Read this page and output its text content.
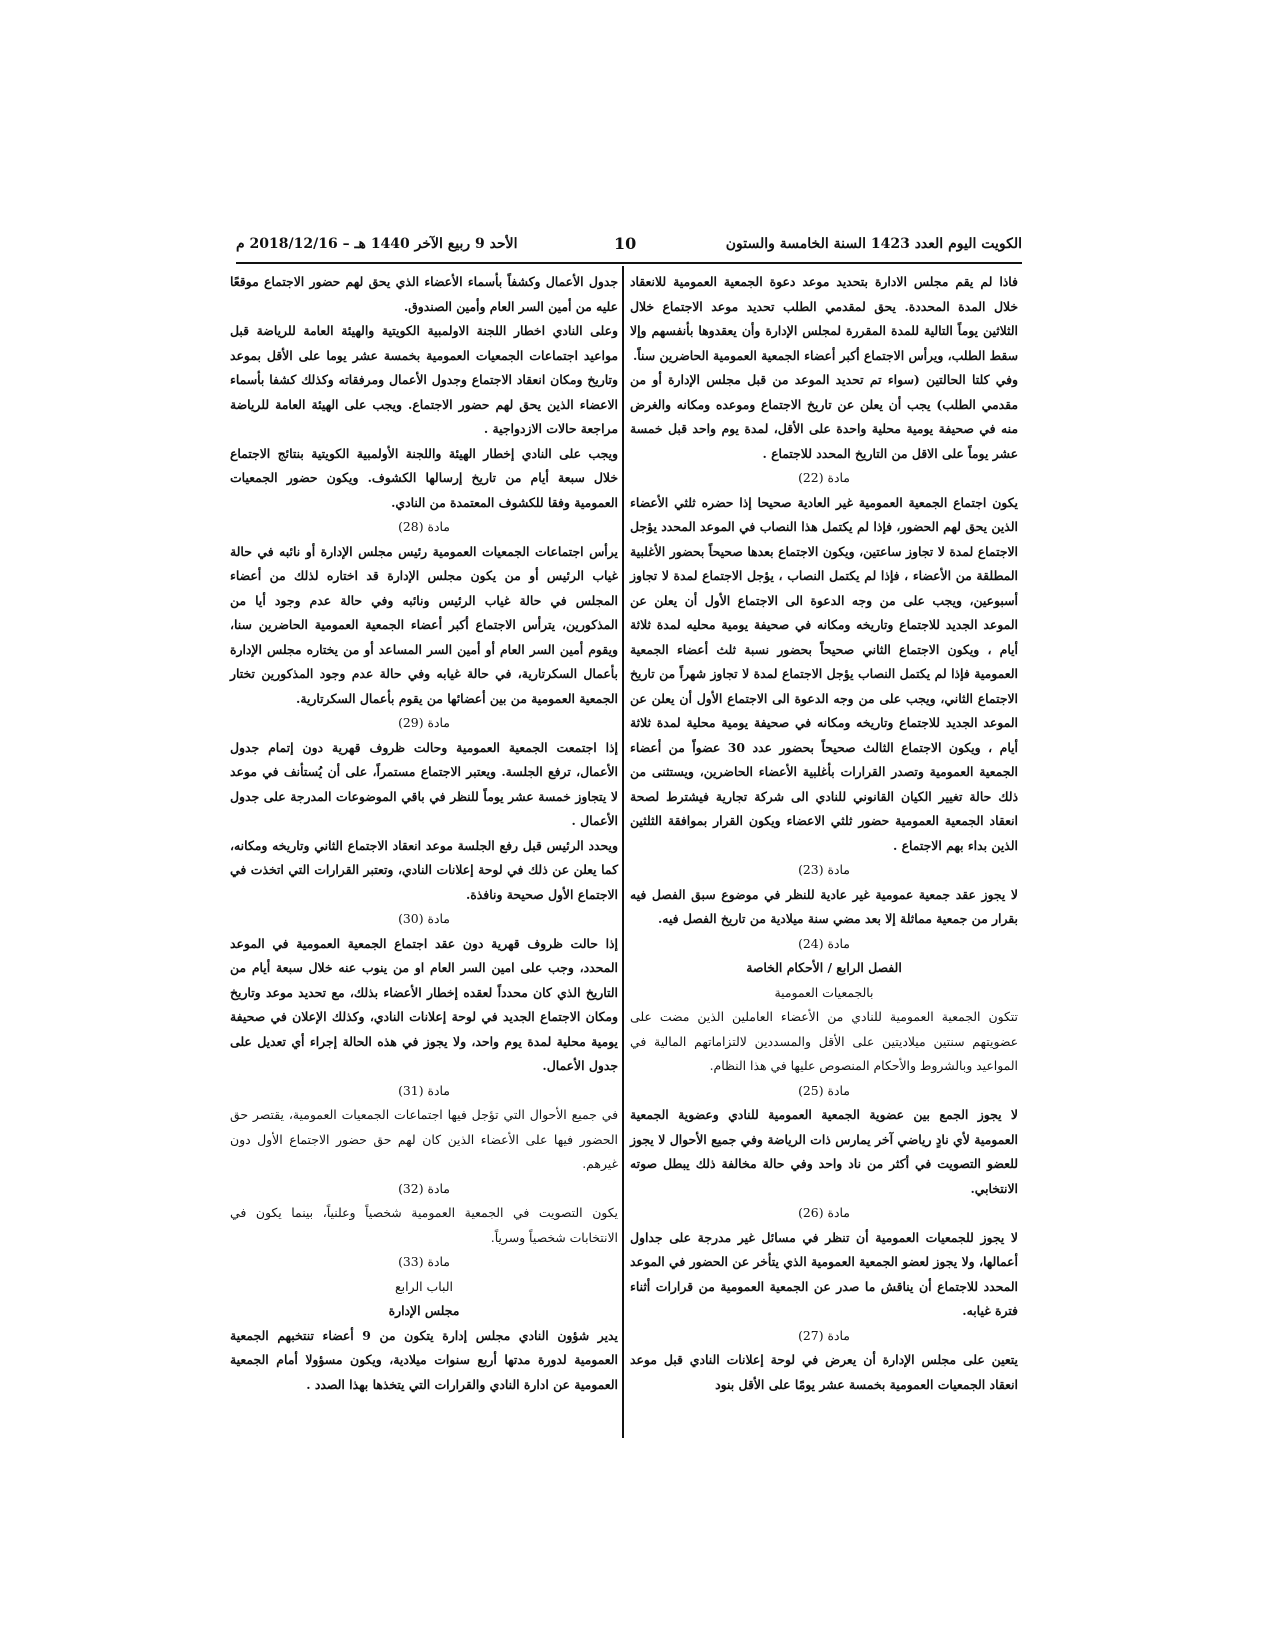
الكويت اليوم العدد 1423 السنة الخامسة والستون
10
الأحد 9 ربيع الآخر 1440 هـ – 2018/12/16 م

فاذا لم يقم مجلس الادارة بتحديد موعد دعوة الجمعية العمومية للانعقاد خلال المدة المحددة. يحق لمقدمي الطلب تحديد موعد الاجتماع خلال الثلاثين يوماً التالية للمدة المقررة لمجلس الإدارة وأن يعقدوها بأنفسهم وإلا سقط الطلب، ويرأس الاجتماع أكبر أعضاء الجمعية العمومية الحاضرين سناً.

وفي كلتا الحالتين (سواء تم تحديد الموعد من قبل مجلس الإدارة أو من مقدمي الطلب) يجب أن يعلن عن تاريخ الاجتماع وموعده ومكانه والغرض منه في صحيفة يومية محلية واحدة على الأقل، لمدة يوم واحد قبل خمسة عشر يوماً على الاقل من التاريخ المحدد للاجتماع .

مادة (22)

يكون اجتماع الجمعية العمومية غير العادية صحيحا إذا حضره ثلثي الأعضاء الذين يحق لهم الحضور، فإذا لم يكتمل هذا النصاب في الموعد المحدد يؤجل الاجتماع لمدة لا تجاوز ساعتين، ويكون الاجتماع بعدها صحيحاً بحضور الأغلبية المطلقة من الأعضاء ، فإذا لم يكتمل النصاب ، يؤجل الاجتماع لمدة لا تجاوز أسبوعين، ويجب على من وجه الدعوة الى الاجتماع الأول أن يعلن عن الموعد الجديد للاجتماع وتاريخه ومكانه في صحيفة يومية محليه لمدة ثلاثة أيام ، ويكون الاجتماع الثاني صحيحاً بحضور نسبة ثلث أعضاء الجمعية العمومية فإذا لم يكتمل النصاب يؤجل الاجتماع لمدة لا تجاوز شهراً من تاريخ الاجتماع الثاني، ويجب على من وجه الدعوة الى الاجتماع الأول أن يعلن عن الموعد الجديد للاجتماع وتاريخه ومكانه في صحيفة يومية محلية لمدة ثلاثة أيام ، ويكون الاجتماع الثالث صحيحاً بحضور عدد 30 عضواً من أعضاء الجمعية العمومية وتصدر القرارات بأغلبية الأعضاء الحاضرين، ويستثنى من ذلك حالة تغيير الكيان القانوني للنادي الى شركة تجارية فيشترط لصحة انعقاد الجمعية العمومية حضور ثلثي الاعضاء ويكون القرار بموافقة الثلثين الذين بداء بهم الاجتماع .

مادة (23)

لا يجوز عقد جمعية عمومية غير عادية للنظر في موضوع سبق الفصل فيه بقرار من جمعية مماثلة إلا بعد مضي سنة ميلادية من تاريخ الفصل فيه.

مادة (24)

الفصل الرابع / الأحكام الخاصة

بالجمعيات العمومية

تتكون الجمعية العمومية للنادي من الأعضاء العاملين الذين مضت على عضويتهم سنتين ميلاديتين على الأقل والمسددين لالتزاماتهم المالية في المواعيد وبالشروط والأحكام المنصوص عليها في هذا النظام.

مادة (25)

لا يجوز الجمع بين عضوية الجمعية العمومية للنادي وعضوية الجمعية العمومية لأي نادٍ رياضي آخر يمارس ذات الرياضة وفي جميع الأحوال لا يجوز للعضو التصويت في أكثر من ناد واحد وفي حالة مخالفة ذلك يبطل صوته الانتخابي.

مادة (26)

لا يجوز للجمعيات العمومية أن تنظر في مسائل غير مدرجة على جداول أعمالها، ولا يجوز لعضو الجمعية العمومية الذي يتأخر عن الحضور في الموعد المحدد للاجتماع أن يناقش ما صدر عن الجمعية العمومية من قرارات أثناء فترة غيابه.

مادة (27)

يتعين على مجلس الإدارة أن يعرض في لوحة إعلانات النادي قبل موعد انعقاد الجمعيات العمومية بخمسة عشر يومًا على الأقل بنود

جدول الأعمال وكشفاً بأسماء الأعضاء الذي يحق لهم حضور الاجتماع موقعًا عليه من أمين السر العام وأمين الصندوق.

وعلى النادي اخطار اللجنة الاولمبية الكويتية والهيئة العامة للرياضة قبل مواعيد اجتماعات الجمعيات العمومية بخمسة عشر يوما على الأقل بموعد وتاريخ ومكان انعقاد الاجتماع وجدول الأعمال ومرفقاته وكذلك كشفا بأسماء الاعضاء الذين يحق لهم حضور الاجتماع. ويجب على الهيئة العامة للرياضة مراجعة حالات الازدواجية .

ويجب على النادي إخطار الهيئة واللجنة الأولمبية الكويتية بنتائج الاجتماع خلال سبعة أيام من تاريخ إرسالها الكشوف. ويكون حضور الجمعيات العمومية وفقا للكشوف المعتمدة من النادي.

مادة (28)

يرأس اجتماعات الجمعيات العمومية رئيس مجلس الإدارة أو نائبه في حالة غياب الرئيس أو من يكون مجلس الإدارة قد اختاره لذلك من أعضاء المجلس في حالة غياب الرئيس ونائبه وفي حالة عدم وجود أيا من المذكورين، يترأس الاجتماع أكبر أعضاء الجمعية العمومية الحاضرين سنا، ويقوم أمين السر العام أو أمين السر المساعد أو من يختاره مجلس الإدارة بأعمال السكرتارية، في حالة غيابه وفي حالة عدم وجود المذكورين تختار الجمعية العمومية من بين أعضائها من يقوم بأعمال السكرتارية.

مادة (29)

إذا اجتمعت الجمعية العمومية وحالت ظروف قهرية دون إتمام جدول الأعمال، ترفع الجلسة. ويعتبر الاجتماع مستمراً، على أن يُستأنف في موعد لا يتجاوز خمسة عشر يوماً للنظر في باقي الموضوعات المدرجة على جدول الأعمال .

ويحدد الرئيس قبل رفع الجلسة موعد انعقاد الاجتماع الثاني وتاريخه ومكانه، كما يعلن عن ذلك في لوحة إعلانات النادي، وتعتبر القرارات التي اتخذت في الاجتماع الأول صحيحة ونافذة.

مادة (30)

إذا حالت ظروف قهرية دون عقد اجتماع الجمعية العمومية في الموعد المحدد، وجب على امين السر العام او من ينوب عنه خلال سبعة أيام من التاريخ الذي كان محدداً لعقده إخطار الأعضاء بذلك، مع تحديد موعد وتاريخ ومكان الاجتماع الجديد في لوحة إعلانات النادي، وكذلك الإعلان في صحيفة يومية محلية لمدة يوم واحد، ولا يجوز في هذه الحالة إجراء أي تعديل على جدول الأعمال.

مادة (31)

في جميع الأحوال التي تؤجل فيها اجتماعات الجمعيات العمومية، يقتصر حق الحضور فيها على الأعضاء الذين كان لهم حق حضور الاجتماع الأول دون غيرهم.

مادة (32)

يكون التصويت في الجمعية العمومية شخصياً وعلنياً، بينما يكون في الانتخابات شخصياً وسرياً.

مادة (33)

الباب الرابع

مجلس الإدارة

يدير شؤون النادي مجلس إدارة يتكون من 9 أعضاء تنتخبهم الجمعية العمومية لدورة مدتها أربع سنوات ميلادية، ويكون مسؤولا أمام الجمعية العمومية عن ادارة النادي والقرارات التي يتخذها بهذا الصدد .
